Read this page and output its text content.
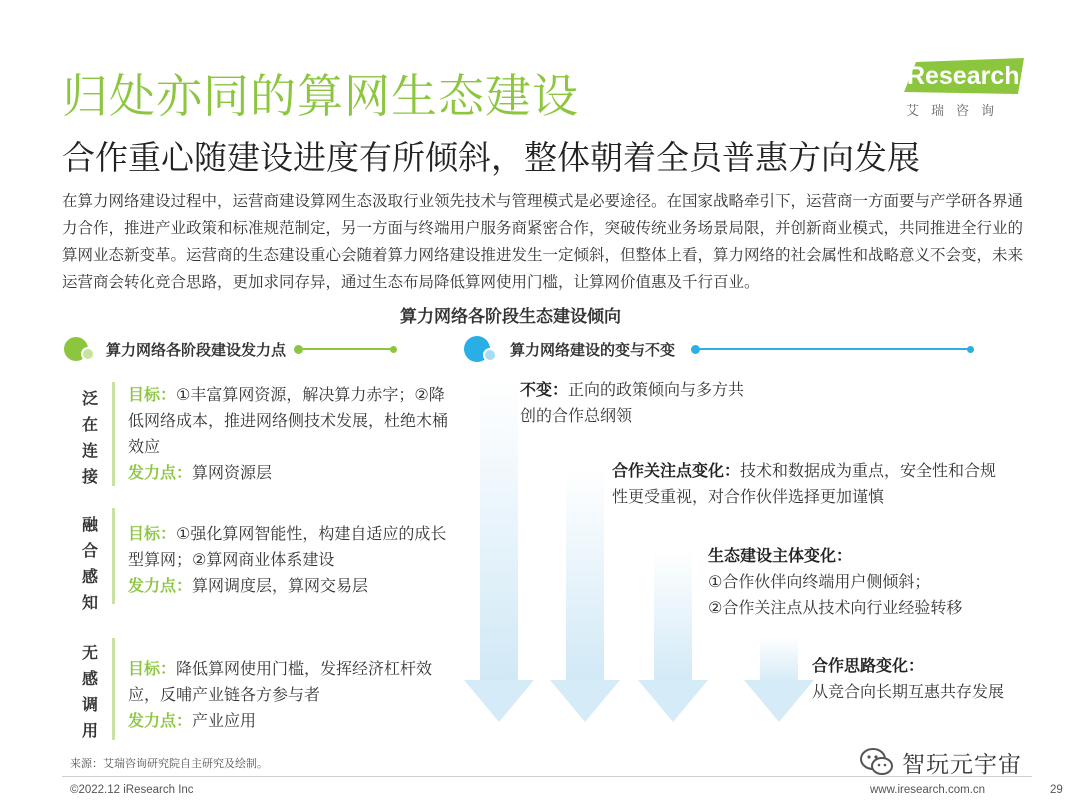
归处亦同的算网生态建设
合作重心随建设进度有所倾斜，整体朝着全员普惠方向发展
iResearch
艾瑞咨询
在算力网络建设过程中，运营商建设算网生态汲取行业领先技术与管理模式是必要途径。在国家战略牵引下，运营商一方面要与产学研各界通力合作，推进产业政策和标准规范制定，另一方面与终端用户服务商紧密合作，突破传统业务场景局限，并创新商业模式，共同推进全行业的算网业态新变革。运营商的生态建设重心会随着算力网络建设推进发生一定倾斜，但整体上看，算力网络的社会属性和战略意义不会变，未来运营商会转化竞合思路，更加求同存异，通过生态布局降低算网使用门槛，让算网价值惠及千行百业。
算力网络各阶段生态建设倾向
算力网络各阶段建设发力点	算力网络建设的变与不变
泛在连接
目标：①丰富算网资源，解决算力赤字；②降低网络成本，推进网络侧技术发展，杜绝木桶效应
发力点：算网资源层
融合感知
目标：①强化算网智能性，构建自适应的成长型算网；②算网商业体系建设
发力点：算网调度层，算网交易层
无感调用
目标：降低算网使用门槛，发挥经济杠杆效应，反哺产业链各方参与者
发力点：产业应用
不变：正向的政策倾向与多方共创的合作总纲领
合作关注点变化：技术和数据成为重点，安全性和合规性更受重视，对合作伙伴选择更加谨慎
生态建设主体变化：
①合作伙伴向终端用户侧倾斜；
②合作关注点从技术向行业经验转移
合作思路变化：
从竞合向长期互惠共存发展
来源：艾瑞咨询研究院自主研究及绘制。
©2022.12 iResearch Inc	www.iresearch.com.cn	29
智玩元宇宙
